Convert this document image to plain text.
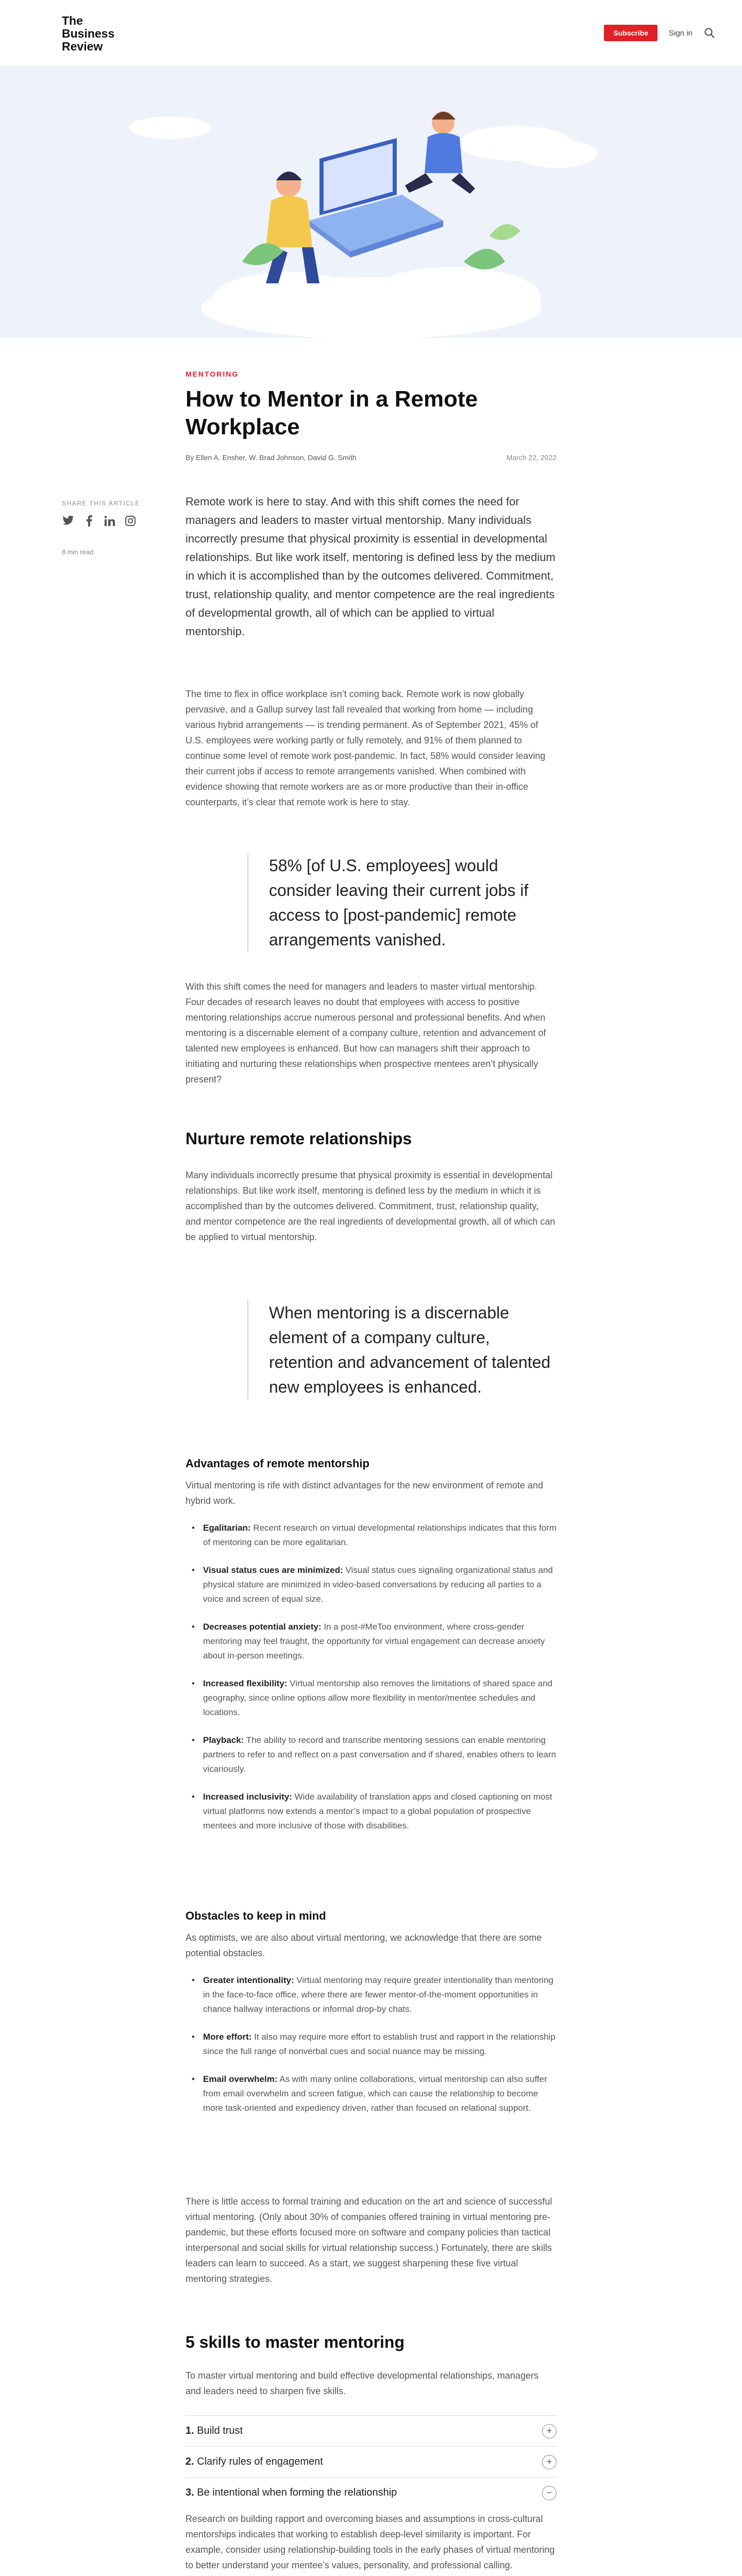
The Business Review
Subscribe	Sign in
MENTORING
How to Mentor in a Remote Workplace
By Ellen A. Ensher, W. Brad Johnson, David G. Smith	March 22, 2022
SHARE THIS ARTICLE
8 min read

Remote work is here to stay. And with this shift comes the need for managers and leaders to master virtual mentorship. Many individuals incorrectly presume that physical proximity is essential in developmental relationships. But like work itself, mentoring is defined less by the medium in which it is accomplished than by the outcomes delivered. Commitment, trust, relationship quality, and mentor competence are the real ingredients of developmental growth, all of which can be applied to virtual mentorship.

The time to flex in office workplace isn’t coming back. Remote work is now globally pervasive, and a Gallup survey last fall revealed that working from home — including various hybrid arrangements — is trending permanent. As of September 2021, 45% of U.S. employees were working partly or fully remotely, and 91% of them planned to continue some level of remote work post-pandemic. In fact, 58% would consider leaving their current jobs if access to remote arrangements vanished. When combined with evidence showing that remote workers are as or more productive than their in-office counterparts, it’s clear that remote work is here to stay.

58% [of U.S. employees] would consider leaving their current jobs if access to [post-pandemic] remote arrangements vanished.

With this shift comes the need for managers and leaders to master virtual mentorship. Four decades of research leaves no doubt that employees with access to positive mentoring relationships accrue numerous personal and professional benefits. And when mentoring is a discernable element of a company culture, retention and advancement of talented new employees is enhanced. But how can managers shift their approach to initiating and nurturing these relationships when prospective mentees aren’t physically present?

Nurture remote relationships

Many individuals incorrectly presume that physical proximity is essential in developmental relationships. But like work itself, mentoring is defined less by the medium in which it is accomplished than by the outcomes delivered. Commitment, trust, relationship quality, and mentor competence are the real ingredients of developmental growth, all of which can be applied to virtual mentorship.

When mentoring is a discernable element of a company culture, retention and advancement of talented new employees is enhanced.
Advantages of remote mentorship

Virtual mentoring is rife with distinct advantages for the new environment of remote and hybrid work.

• Egalitarian: Recent research on virtual developmental relationships indicates that this form of mentoring can be more egalitarian.
• Visual status cues are minimized: Visual status cues signaling organizational status and physical stature are minimized in video-based conversations by reducing all parties to a voice and screen of equal size.
• Decreases potential anxiety: In a post-#MeToo environment, where cross-gender mentoring may feel fraught, the opportunity for virtual engagement can decrease anxiety about in-person meetings.
• Increased flexibility: Virtual mentorship also removes the limitations of shared space and geography, since online options allow more flexibility in mentor/mentee schedules and locations.
• Playback: The ability to record and transcribe mentoring sessions can enable mentoring partners to refer to and reflect on a past conversation and if shared, enables others to learn vicariously.
• Increased inclusivity: Wide availability of translation apps and closed captioning on most virtual platforms now extends a mentor’s impact to a global population of prospective mentees and more inclusive of those with disabilities.
Obstacles to keep in mind

As optimists, we are also about virtual mentoring, we acknowledge that there are some potential obstacles.

• Greater intentionality: Virtual mentoring may require greater intentionality than mentoring in the face-to-face office, where there are fewer mentor-of-the-moment opportunities in chance hallway interactions or informal drop-by chats.
• More effort: It also may require more effort to establish trust and rapport in the relationship since the full range of nonverbal cues and social nuance may be missing.
• Email overwhelm: As with many online collaborations, virtual mentorship can also suffer from email overwhelm and screen fatigue, which can cause the relationship to become more task-oriented and expediency driven, rather than focused on relational support.

There is little access to formal training and education on the art and science of successful virtual mentoring. (Only about 30% of companies offered training in virtual mentoring pre-pandemic, but these efforts focused more on software and company policies than tactical interpersonal and social skills for virtual relationship success.) Fortunately, there are skills leaders can learn to succeed. As a start, we suggest sharpening these five virtual mentoring strategies.

5 skills to master mentoring

To master virtual mentoring and build effective developmental relationships, managers and leaders need to sharpen five skills.

1. Build trust	+
2. Clarify rules of engagement	+
3. Be intentional when forming the relationship	−

Research on building rapport and overcoming biases and assumptions in cross-cultural mentorships indicates that working to establish deep-level similarity is important. For example, consider using relationship-building tools in the early phases of virtual mentoring to better understand your mentee’s values, personality, and professional calling.
